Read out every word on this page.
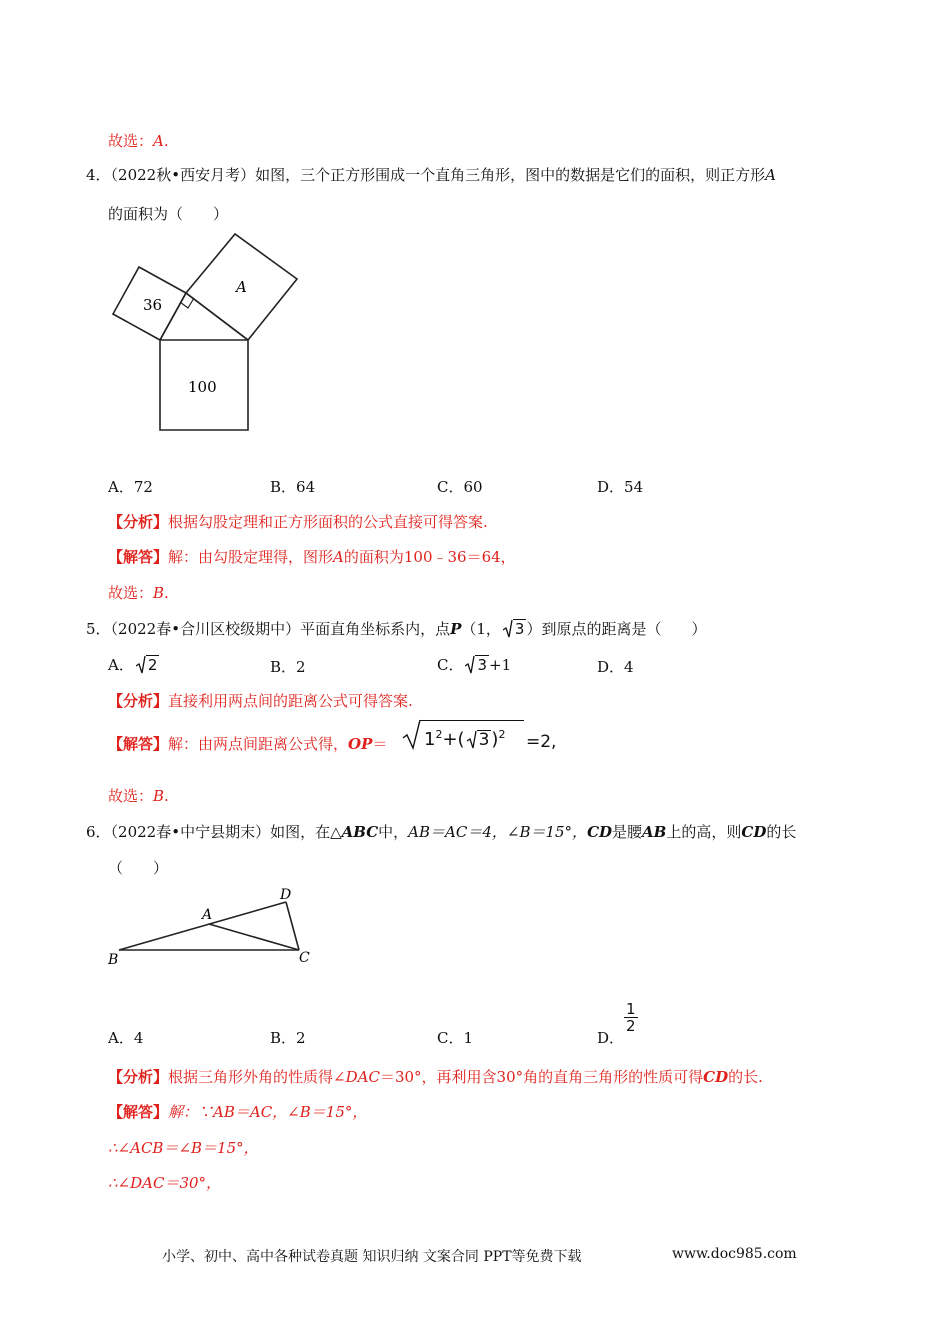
故选：A.
4．（2022秋•西安月考）如图，三个正方形围成一个直角三角形，图中的数据是它们的面积，则正方形A
的面积为（　　）
36
A
100
A．72	B．64	C．60	D．54
【分析】根据勾股定理和正方形面积的公式直接可得答案.
【解答】解：由勾股定理得，图形A的面积为100﹣36＝64，
故选：B.
5．（2022春•合川区校级期中）平面直角坐标系内，点P（1， 3 ）到原点的距离是（　　）
A． 2	B．2	C． 3 +1	D．4
【分析】直接利用两点间的距离公式可得答案.
【解答】解：由两点间距离公式得，$OP= 1^2+$( 3 )$^2$ =2,
故选：B.
6．（2022春•中宁县期末）如图，在△ABC中，AB＝AC＝4，∠B＝15°，CD是腰AB上的高，则CD的长
（　　）
A
B	C
D
A．4	B．2	C．1	D．
$\frac{1}{2}$
【分析】根据三角形外角的性质得∠DAC＝30°，再利用含30°角的直角三角形的性质可得CD的长.
【解答】解：∵AB＝AC，∠B＝15°，
∴∠ACB＝∠B＝15°，
∴∠DAC＝30°，
小学、初中、高中各种试卷真题 知识归纳 文案合同 PPT等免费下载	www.doc985.com
